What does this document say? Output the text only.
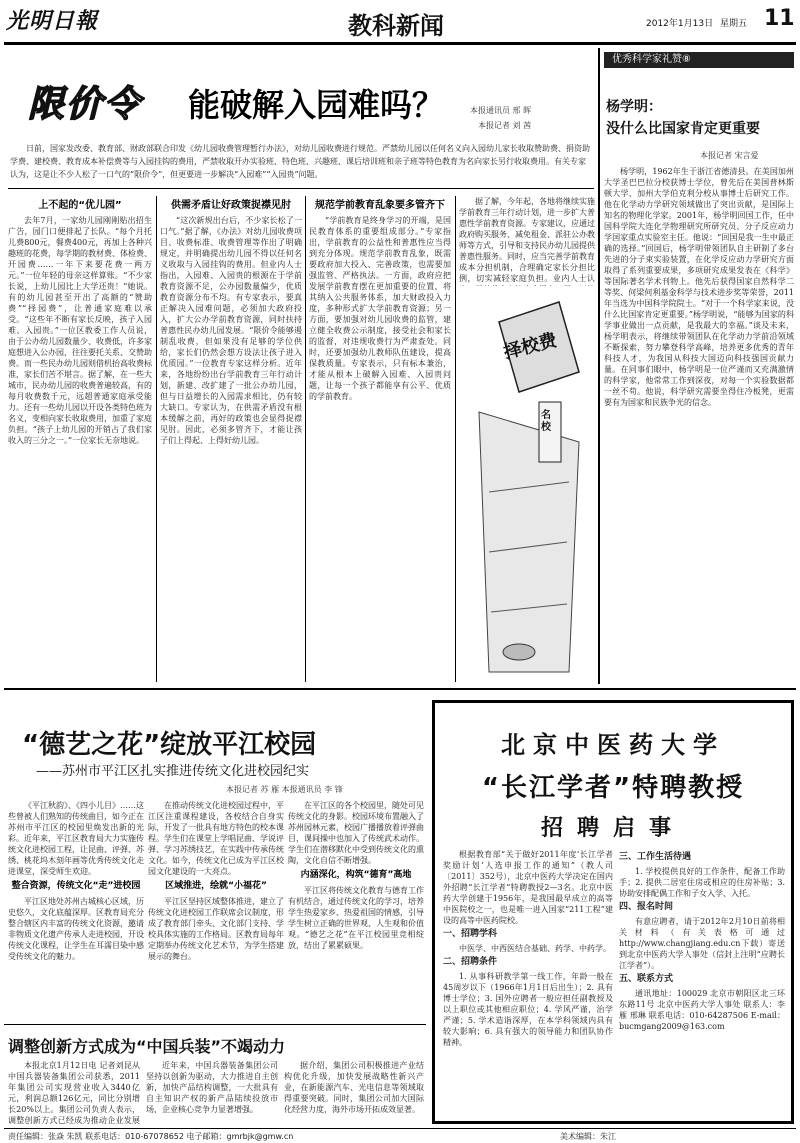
光明日報	教科新闻	2012年1月13日 星期五 11
限价令 能破解入园难吗？	本报通讯员 邢 晖
本报记者 刘 茜
日前，国家发改委、教育部、财政部联合印发《幼儿园收费管理暂行办法》，对幼儿园收费进行规范。严禁幼儿园以任何名义向入园幼儿家长收取赞助费、捐资助学费、建校费、教育成本补偿费等与入园挂钩的费用，严禁收取开办实验班、特色班、兴趣班、课后培训班和亲子班等特色教育为名向家长另行收取费用。有关专家认为，这是让不少人松了一口气的“限价令”，但更要进一步解决“入园难”“入园贵”问题。
上不起的“优儿园”

去年7月，一家幼儿园刚刚贴出招生广告，园门口便排起了长队。“每个月托儿费800元，餐费400元，再加上各种兴趣班的花费，每学期的教材费、体检费、开园费……一年下来要花费一两万元。”一位年轻的母亲这样算账。“不少家长说，上幼儿园比上大学还贵！”她说。有的幼儿园甚至开出了高额的“赞助费”“择园费”，让普通家庭难以承受。“这些年不断有家长反映，孩子入园难、入园贵。”一位区教委工作人员说，由于公办幼儿园数量少、收费低，许多家庭想进入公办园，往往要托关系、交赞助费。而一些民办幼儿园则借机抬高收费标准，家长们苦不堪言。据了解，在一些大城市，民办幼儿园的收费普遍较高，有的每月收费数千元，远超普通家庭承受能力。还有一些幼儿园以开设各类特色班为名义，变相向家长收取费用，加重了家庭负担。“孩子上幼儿园的开销占了我们家收入的三分之一。”一位家长无奈地说。

供需矛盾让好政策捉襟见肘

“这次新规出台后，不少家长松了一口气。”据了解，《办法》对幼儿园收费项目、收费标准、收费管理等作出了明确规定，并明确提出幼儿园不得以任何名义收取与入园挂钩的费用。但业内人士指出，入园难、入园贵的根源在于学前教育资源不足，公办园数量偏少，优质教育资源分布不均。有专家表示，要真正解决入园难问题，必须加大政府投入，扩大公办学前教育资源，同时扶持普惠性民办幼儿园发展。“限价令能够遏制乱收费，但如果没有足够的学位供给，家长们仍然会想方设法让孩子进入优质园。”一位教育专家这样分析。近年来，各地纷纷出台学前教育三年行动计划，新建、改扩建了一批公办幼儿园，但与日益增长的入园需求相比，仍有较大缺口。专家认为，在供需矛盾没有根本缓解之前，再好的政策也会显得捉襟见肘。因此，必须多管齐下，才能让孩子们上得起、上得好幼儿园。

规范学前教育乱象要多管齐下

“学前教育是终身学习的开端，是国民教育体系的重要组成部分。”专家指出，学前教育的公益性和普惠性应当得到充分体现。规范学前教育乱象，既需要政府加大投入、完善政策，也需要加强监管、严格执法。一方面，政府应把发展学前教育摆在更加重要的位置，将其纳入公共服务体系，加大财政投入力度，多种形式扩大学前教育资源；另一方面，要加强对幼儿园收费的监管，建立健全收费公示制度，接受社会和家长的监督，对违规收费行为严肃查处。同时，还要加强幼儿教师队伍建设，提高保教质量。专家表示，只有标本兼治，才能从根本上破解入园难、入园贵问题，让每一个孩子都能享有公平、优质的学前教育。

据了解，今年起，各地将继续实施学前教育三年行动计划，进一步扩大普惠性学前教育资源。专家建议，应通过政府购买服务、减免租金、派驻公办教师等方式，引导和支持民办幼儿园提供普惠性服务。同时，应当完善学前教育成本分担机制，合理确定家长分担比例，切实减轻家庭负担。业内人士认

择校费
名校
优秀科学家礼赞⑧
杨学明：
没什么比国家肯定更重要
本报记者 宋言爱

杨学明，1962年生于浙江省德清县。在美国加州大学圣巴巴拉分校获博士学位，曾先后在美国普林斯顿大学、加州大学伯克利分校从事博士后研究工作。他在化学动力学研究领域做出了突出贡献，是国际上知名的物理化学家。2001年，杨学明回国工作，任中国科学院大连化学物理研究所研究员、分子反应动力学国家重点实验室主任。他说：“回国是我一生中最正确的选择。”回国后，杨学明带领团队自主研制了多台先进的分子束实验装置，在化学反应动力学研究方面取得了系列重要成果，多项研究成果发表在《科学》等国际著名学术刊物上。他先后获得国家自然科学二等奖、何梁何利基金科学与技术进步奖等荣誉，2011年当选为中国科学院院士。“对于一个科学家来说，没什么比国家肯定更重要。”杨学明说，“能够为国家的科学事业做出一点贡献，是我最大的幸福。”谈及未来，杨学明表示，将继续带领团队在化学动力学前沿领域不断探索，努力攀登科学高峰，培养更多优秀的青年科技人才，为我国从科技大国迈向科技强国贡献力量。在同事们眼中，杨学明是一位严谨而又充满激情的科学家，他常常工作到深夜，对每一个实验数据都一丝不苟。他说，科学研究需要坐得住冷板凳，更需要有为国家和民族争光的信念。

“德艺之花”绽放平江校园
——苏州市平江区扎实推进传统文化进校园纪实
本报记者 苏 雁 本报通讯员 李 锋

《平江秋韵》、《四小儿目》……这些曾被人们熟知的传统曲目，如今正在苏州市平江区的校园里焕发出新的光彩。近年来，平江区教育局大力实施传统文化进校园工程，让昆曲、评弹、苏绣、桃花坞木刻年画等优秀传统文化走进课堂，深受师生欢迎。

整合资源，传统文化“走”进校园

平江区地处苏州古城核心区域，历史悠久，文化底蕴深厚。区教育局充分整合辖区内丰富的传统文化资源，邀请非物质文化遗产传承人走进校园，开设传统文化课程，让学生在耳濡目染中感受传统文化的魅力。

在推动传统文化进校园过程中，平江区注重课程建设，各校结合自身实际，开发了一批具有地方特色的校本课程。学生们在课堂上学唱昆曲、学说评弹、学习苏绣技艺，在实践中传承传统文化。如今，传统文化已成为平江区校园文化建设的一大亮点。

区域推进，绘就“小福花”

平江区坚持区域整体推进，建立了传统文化进校园工作联席会议制度，形成了教育部门牵头、文化部门支持、学校具体实施的工作格局。区教育局每年定期举办传统文化艺术节，为学生搭建展示的舞台。

在平江区的各个校园里，随处可见传统文化的身影。校园环境布置融入了苏州园林元素，校园广播播放着评弹曲目，课间操中也加入了传统武术动作。学生们在潜移默化中受到传统文化的熏陶，文化自信不断增强。

内涵深化，构筑“德育”高地

平江区将传统文化教育与德育工作有机结合，通过传统文化的学习，培养学生热爱家乡、热爱祖国的情感，引导学生树立正确的世界观、人生观和价值观。“德艺之花”在平江校园里竞相绽放，结出了累累硕果。

北京中医药大学
“长江学者”特聘教授
招聘启事

根据教育部“关于做好2011年度‘长江学者奖励计划’人选申报工作的通知”（教人司〔2011〕352号），北京中医药大学决定在国内外招聘“长江学者”特聘教授2—3名。北京中医药大学创建于1956年，是我国最早成立的高等中医院校之一，也是唯一进入国家“211工程”建设的高等中医药院校。

一、招聘学科

中医学、中西医结合基础、药学、中药学。

二、招聘条件

1. 从事科研教学第一线工作，年龄一般在45周岁以下（1966年1月1日后出生）；2. 具有博士学位；3. 国外应聘者一般应担任副教授及以上职位或其他相应职位；4. 学风严谨，治学严谨；5. 学术造诣深厚，在本学科领域内具有较大影响；6. 具有强大的领导能力和团队协作精神。

三、工作生活待遇

1. 学校提供良好的工作条件，配备工作助手；2. 提供二居室住房或相应的住房补贴；3. 协助安排配偶工作和子女入学、入托。

四、报名时间

有意应聘者，请于2012年2月10日前将相关材料（有关表格可通过http://www.changjiang.edu.cn下载）寄送到北京中医药大学人事处（信封上注明“应聘长江学者”）。

五、联系方式

通讯地址：100029 北京市朝阳区北三环东路11号 北京中医药大学人事处 联系人：李雁 邢琳 联系电话：010-64287506 E-mail：bucmgang2009@163.com

调整创新方式成为“中国兵装”不竭动力

本报北京1月12日电 记者刘昆从中国兵器装备集团公司获悉，2011年集团公司实现营业收入3440亿元，利润总额126亿元，同比分别增长20%以上。集团公司负责人表示，调整创新方式已经成为推动企业发展

近年来，中国兵器装备集团公司坚持以创新为驱动，大力推进自主创新，加快产品结构调整，一大批具有自主知识产权的新产品陆续投放市场，企业核心竞争力显著增强。

据介绍，集团公司积极推进产业结构优化升级，加快发展战略性新兴产业，在新能源汽车、光电信息等领域取得重要突破。同时，集团公司加大国际化经营力度，海外市场开拓成效显著。

责任编辑：张焱 朱凯 联系电话：010-67078652 电子邮箱：gmrbjk@gmw.cn	美术编辑：朱江
